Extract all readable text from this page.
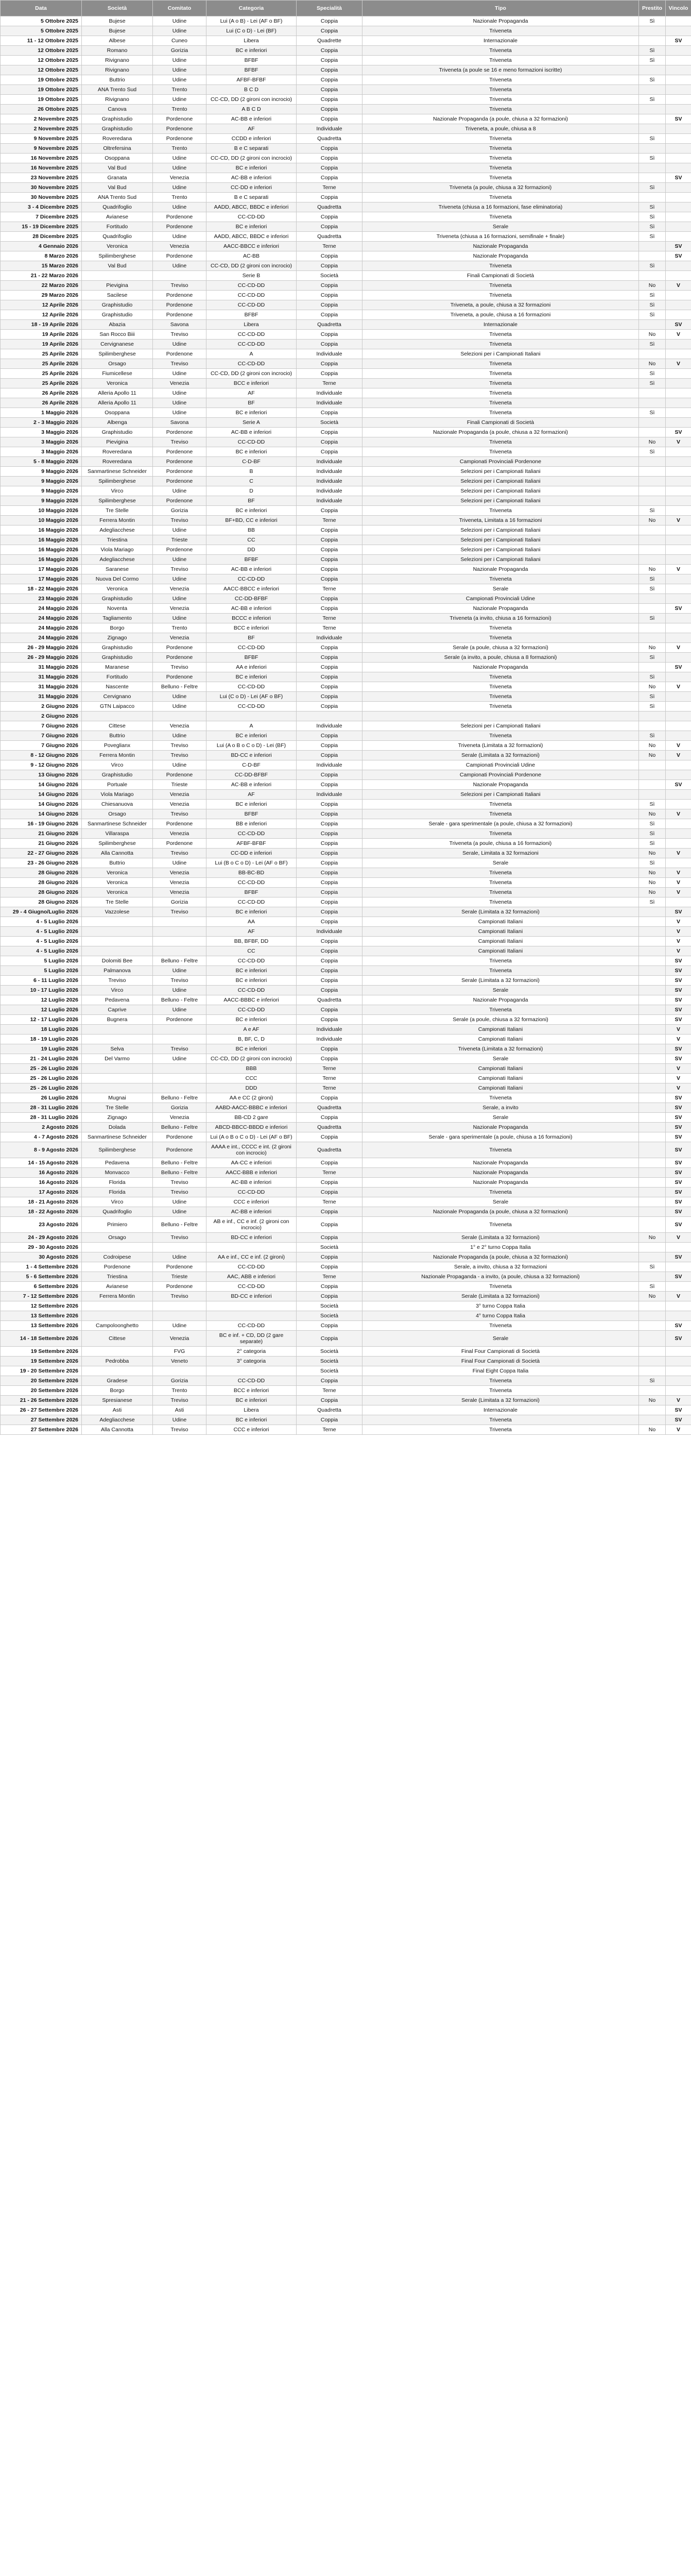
Data	Società	Comitato	Categoria	Specialità	Tipo	Prestito	Vincolo
5 Ottobre 2025	Bujese	Udine	Lui (A o B) - Lei (AF o BF)	Coppia	Nazionale Propaganda	Sì	
5 Ottobre 2025	Bujese	Udine	Lui (C o D) - Lei (BF)	Coppia	Triveneta		
11 - 12 Ottobre 2025	Albese	Cuneo	Libera	Quadrette	Internazionale		SV
12 Ottobre 2025	Romano	Gorizia	BC e inferiori	Coppia	Triveneta	Sì	
12 Ottobre 2025	Rivignano	Udine	BFBF	Coppia	Triveneta	Sì	
12 Ottobre 2025	Rivignano	Udine	BFBF	Coppia	Triveneta (a poule se 16 e meno formazioni iscritte)		
19 Ottobre 2025	Buttrio	Udine	AFBF-BFBF	Coppia	Triveneta	Sì	
19 Ottobre 2025	ANA Trento Sud	Trento	B C D	Coppia	Triveneta		
19 Ottobre 2025	Rivignano	Udine	CC-CD, DD (2 gironi con incrocio)	Coppia	Triveneta	Sì	
26 Ottobre 2025	Canova	Trento	A B C D	Coppia	Triveneta		
2 Novembre 2025	Graphistudio	Pordenone	AC-BB e inferiori	Coppia	Nazionale Propaganda (a poule, chiusa a 32 formazioni)		SV
2 Novembre 2025	Graphistudio	Pordenone	AF	Individuale	Triveneta, a poule, chiusa a 8		
9 Novembre 2025	Roveredana	Pordenone	CCDD e inferiori	Quadretta	Triveneta	Sì	
9 Novembre 2025	Oltrefersina	Trento	B e C separati	Coppia	Triveneta		
16 Novembre 2025	Osoppana	Udine	CC-CD, DD (2 gironi con incrocio)	Coppia	Triveneta	Sì	
16 Novembre 2025	Val Bud	Udine	BC e inferiori	Coppia	Triveneta		
23 Novembre 2025	Granata	Venezia	AC-BB e inferiori	Coppia	Triveneta		SV
30 Novembre 2025	Val Bud	Udine	CC-DD e inferiori	Terne	Triveneta (a poule, chiusa a 32 formazioni)	Sì	
30 Novembre 2025	ANA Trento Sud	Trento	B e C separati	Coppia	Triveneta		
3 - 4 Dicembre 2025	Quadrifoglio	Udine	AADD, ABCC, BBDC e inferiori	Quadretta	Triveneta (chiusa a 16 formazioni, fase eliminatoria)	Sì	
7 Dicembre 2025	Avianese	Pordenone	CC-CD-DD	Coppia	Triveneta	Sì	
15 - 19 Dicembre 2025	Fortitudo	Pordenone	BC e inferiori	Coppia	Serale	Sì	
28 Dicembre 2025	Quadrifoglio	Udine	AADD, ABCC, BBDC e inferiori	Quadretta	Triveneta (chiusa a 16 formazioni, semifinale + finale)	Sì	
4 Gennaio 2026	Veronica	Venezia	AACC-BBCC e inferiori	Terne	Nazionale Propaganda		SV
8 Marzo 2026	Spilimberghese	Pordenone	AC-BB	Coppia	Nazionale Propaganda		SV
15 Marzo 2026	Val Bud	Udine	CC-CD, DD (2 gironi con incrocio)	Coppia	Triveneta	Sì	
21 - 22 Marzo 2026			Serie B	Società	Finali Campionati di Società		
22 Marzo 2026	Pievigina	Treviso	CC-CD-DD	Coppia	Triveneta	No	V
29 Marzo 2026	Sacilese	Pordenone	CC-CD-DD	Coppia	Triveneta	Sì	
12 Aprile 2026	Graphistudio	Pordenone	CC-CD-DD	Coppia	Triveneta, a poule, chiusa a 32 formazioni	Sì	
12 Aprile 2026	Graphistudio	Pordenone	BFBF	Coppia	Triveneta, a poule, chiusa a 16 formazioni	Sì	
18 - 19 Aprile 2026	Abazia	Savona	Libera	Quadretta	Internazionale		SV
19 Aprile 2026	San Rocco Biii	Treviso	CC-CD-DD	Coppia	Triveneta	No	V
19 Aprile 2026	Cervignanese	Udine	CC-CD-DD	Coppia	Triveneta	Sì	
25 Aprile 2026	Spilimberghese	Pordenone	A	Individuale	Selezioni per i Campionati Italiani		
25 Aprile 2026	Orsago	Treviso	CC-CD-DD	Coppia	Triveneta	No	V
25 Aprile 2026	Fiumicellese	Udine	CC-CD, DD (2 gironi con incrocio)	Coppia	Triveneta	Sì	
25 Aprile 2026	Veronica	Venezia	BCC e inferiori	Terne	Triveneta	Sì	
26 Aprile 2026	Alleria Apollo 11	Udine	AF	Individuale	Triveneta		
26 Aprile 2026	Alleria Apollo 11	Udine	BF	Individuale	Triveneta		
1 Maggio 2026	Osoppana	Udine	BC e inferiori	Coppia	Triveneta	Sì	
2 - 3 Maggio 2026	Albenga	Savona	Serie A	Società	Finali Campionati di Società		
3 Maggio 2026	Graphistudio	Pordenone	AC-BB e inferiori	Coppia	Nazionale Propaganda (a poule, chiusa a 32 formazioni)		SV
3 Maggio 2026	Pievigina	Treviso	CC-CD-DD	Coppia	Triveneta	No	V
3 Maggio 2026	Roveredana	Pordenone	BC e inferiori	Coppia	Triveneta	Sì	
5 - 8 Maggio 2026	Roveredana	Pordenone	C-D-BF	Individuale	Campionati Provinciali Pordenone		
9 Maggio 2026	Sanmartinese Schneider	Pordenone	B	Individuale	Selezioni per i Campionati Italiani		
9 Maggio 2026	Spilimberghese	Pordenone	C	Individuale	Selezioni per i Campionati Italiani		
9 Maggio 2026	Virco	Udine	D	Individuale	Selezioni per i Campionati Italiani		
9 Maggio 2026	Spilimberghese	Pordenone	BF	Individuale	Selezioni per i Campionati Italiani		
10 Maggio 2026	Tre Stelle	Gorizia	BC e inferiori	Coppia	Triveneta	Sì	
10 Maggio 2026	Ferrera Montin	Treviso	BF+BD, CC e inferiori	Terne	Triveneta, Limitata a 16 formazioni	No	V
16 Maggio 2026	Adegliacchese	Udine	BB	Coppia	Selezioni per i Campionati Italiani		
16 Maggio 2026	Triestina	Trieste	CC	Coppia	Selezioni per i Campionati Italiani		
16 Maggio 2026	Viola Mariago	Pordenone	DD	Coppia	Selezioni per i Campionati Italiani		
16 Maggio 2026	Adegliacchese	Udine	BFBF	Coppia	Selezioni per i Campionati Italiani		
17 Maggio 2026	Saranese	Treviso	AC-BB e inferiori	Coppia	Nazionale Propaganda	No	V
17 Maggio 2026	Nuova Del Cormo	Udine	CC-CD-DD	Coppia	Triveneta	Sì	
18 - 22 Maggio 2026	Veronica	Venezia	AACC-BBCC e inferiori	Terne	Serale	Sì	
23 Maggio 2026	Graphistudio	Udine	CC-DD-BFBF	Coppia	Campionati Provinciali Udine		
24 Maggio 2026	Noventa	Venezia	AC-BB e inferiori	Coppia	Nazionale Propaganda		SV
24 Maggio 2026	Tagliamento	Udine	BCCC e inferiori	Terne	Triveneta (a invito, chiusa a 16 formazioni)	Sì	
24 Maggio 2026	Borgo	Trento	BCC e inferiori	Terne	Triveneta		
24 Maggio 2026	Zignago	Venezia	BF	Individuale	Triveneta		
26 - 29 Maggio 2026	Graphistudio	Pordenone	CC-CD-DD	Coppia	Serale (a poule, chiusa a 32 formazioni)	No	V
26 - 29 Maggio 2026	Graphistudio	Pordenone	BFBF	Coppia	Serale (a invito, a poule, chiusa a 8 formazioni)	Sì	
31 Maggio 2026	Maranese	Treviso	AA e inferiori	Coppia	Nazionale Propaganda		SV
31 Maggio 2026	Fortitudo	Pordenone	BC e inferiori	Coppia	Triveneta	Sì	
31 Maggio 2026	Nascente	Belluno - Feltre	CC-CD-DD	Coppia	Triveneta	No	V
31 Maggio 2026	Cervignano	Udine	Lui (C o D) - Lei (AF o BF)	Coppia	Triveneta	Sì	
2 Giugno 2026	GTN Laipacco	Udine	CC-CD-DD	Coppia	Triveneta	Sì	
2 Giugno 2026							
7 Giugno 2026	Cittese	Venezia	A	Individuale	Selezioni per i Campionati Italiani		
7 Giugno 2026	Buttrio	Udine	BC e inferiori	Coppia	Triveneta	Sì	
7 Giugno 2026	Poveglianx	Treviso	Lui (A o B o C o D) - Lei (BF)	Coppia	Triveneta (Limitata a 32 formazioni)	No	V
8 - 12 Giugno 2026	Ferrera Montin	Treviso	BD-CC e inferiori	Coppia	Serale (Limitata a 32 formazioni)	No	V
9 - 12 Giugno 2026	Virco	Udine	C-D-BF	Individuale	Campionati Provinciali Udine		
13 Giugno 2026	Graphistudio	Pordenone	CC-DD-BFBF	Coppia	Campionati Provinciali Pordenone		
14 Giugno 2026	Portuale	Trieste	AC-BB e inferiori	Coppia	Nazionale Propaganda		SV
14 Giugno 2026	Viola Mariago	Venezia	AF	Individuale	Selezioni per i Campionati Italiani		
14 Giugno 2026	Chiesanuova	Venezia	BC e inferiori	Coppia	Triveneta	Sì	
14 Giugno 2026	Orsago	Treviso	BFBF	Coppia	Triveneta	No	V
16 - 19 Giugno 2026	Sanmartinese Schneider	Pordenone	BB e inferiori	Coppia	Serale - gara sperimentale (a poule, chiusa a 32 formazioni)	Sì	
21 Giugno 2026	Villaraspa	Venezia	CC-CD-DD	Coppia	Triveneta	Sì	
21 Giugno 2026	Spilimberghese	Pordenone	AFBF-BFBF	Coppia	Triveneta (a poule, chiusa a 16 formazioni)	Sì	
22 - 27 Giugno 2026	Alla Cannotta	Treviso	CC-DD e inferiori	Coppia	Serale, Limitata a 32 formazioni	No	V
23 - 26 Giugno 2026	Buttrio	Udine	Lui (B o C o D) - Lei (AF o BF)	Coppia	Serale	Sì	
28 Giugno 2026	Veronica	Venezia	BB-BC-BD	Coppia	Triveneta	No	V
28 Giugno 2026	Veronica	Venezia	CC-CD-DD	Coppia	Triveneta	No	V
28 Giugno 2026	Veronica	Venezia	BFBF	Coppia	Triveneta	No	V
28 Giugno 2026	Tre Stelle	Gorizia	CC-CD-DD	Coppia	Triveneta	Sì	
29 - 4 Giugno/Luglio 2026	Vazzolese	Treviso	BC e inferiori	Coppia	Serale (Limitata a 32 formazioni)		SV
4 - 5 Luglio 2026			AA	Coppia	Campionati Italiani		V
4 - 5 Luglio 2026			AF	Individuale	Campionati Italiani		V
4 - 5 Luglio 2026			BB, BFBF, DD	Coppia	Campionati Italiani		V
4 - 5 Luglio 2026			CC	Coppia	Campionati Italiani		V
5 Luglio 2026	Dolomiti Bee	Belluno - Feltre	CC-CD-DD	Coppia	Triveneta		SV
5 Luglio 2026	Palmanova	Udine	BC e inferiori	Coppia	Triveneta		SV
6 - 11 Luglio 2026	Treviso	Treviso	BC e inferiori	Coppia	Serale (Limitata a 32 formazioni)		SV
10 - 17 Luglio 2026	Virco	Udine	CC-CD-DD	Coppia	Serale		SV
12 Luglio 2026	Pedavena	Belluno - Feltre	AACC-BBBC e inferiori	Quadretta	Nazionale Propaganda		SV
12 Luglio 2026	Caprive	Udine	CC-CD-DD	Coppia	Triveneta		SV
12 - 17 Luglio 2026	Bugnera	Pordenone	BC e inferiori	Coppia	Serale (a poule, chiusa a 32 formazioni)		SV
18 Luglio 2026			A e AF	Individuale	Campionati Italiani		V
18 - 19 Luglio 2026			B, BF, C, D	Individuale	Campionati Italiani		V
19 Luglio 2026	Selva	Treviso	BC e inferiori	Coppia	Triveneta (Limitata a 32 formazioni)		SV
21 - 24 Luglio 2026	Del Varmo	Udine	CC-CD, DD (2 gironi con incrocio)	Coppia	Serale		SV
25 - 26 Luglio 2026			BBB	Terne	Campionati Italiani		V
25 - 26 Luglio 2026			CCC	Terne	Campionati Italiani		V
25 - 26 Luglio 2026			DDD	Terne	Campionati Italiani		V
26 Luglio 2026	Mugnai	Belluno - Feltre	AA e CC (2 gironi)	Coppia	Triveneta		SV
28 - 31 Luglio 2026	Tre Stelle	Gorizia	AABD-AACC-BBBC e inferiori	Quadretta	Serale, a invito		SV
28 - 31 Luglio 2026	Zignago	Venezia	BB-CD 2 gare	Coppia	Serale		SV
2 Agosto 2026	Dolada	Belluno - Feltre	ABCD-BBCC-BBDD e inferiori	Quadretta	Nazionale Propaganda		SV
4 - 7 Agosto 2026	Sanmartinese Schneider	Pordenone	Lui (A o B o C o D) - Lei (AF o BF)	Coppia	Serale - gara sperimentale (a poule, chiusa a 16 formazioni)		SV
8 - 9 Agosto 2026	Spilimberghese	Pordenone	AAAA e int., CCCC e int. (2 gironi con incrocio)	Quadretta	Triveneta		SV
14 - 15 Agosto 2026	Pedavena	Belluno - Feltre	AA-CC e inferiori	Coppia	Nazionale Propaganda		SV
16 Agosto 2026	Monvacco	Belluno - Feltre	AACC-BBB e inferiori	Terne	Nazionale Propaganda		SV
16 Agosto 2026	Florida	Treviso	AC-BB e inferiori	Coppia	Nazionale Propaganda		SV
17 Agosto 2026	Florida	Treviso	CC-CD-DD	Coppia	Triveneta		SV
18 - 21 Agosto 2026	Virco	Udine	CCC e inferiori	Terne	Serale		SV
18 - 22 Agosto 2026	Quadrifoglio	Udine	AC-BB e inferiori	Coppia	Nazionale Propaganda (a poule, chiusa a 32 formazioni)		SV
23 Agosto 2026	Primiero	Belluno - Feltre	AB e inf., CC e inf. (2 gironi con incrocio)	Coppia	Triveneta		SV
24 - 29 Agosto 2026	Orsago	Treviso	BD-CC e inferiori	Coppia	Serale (Limitata a 32 formazioni)	No	V
29 - 30 Agosto 2026				Società	1° e 2° turno Coppa Italia		
30 Agosto 2026	Codroipese	Udine	AA e inf., CC e inf. (2 gironi)	Coppia	Nazionale Propaganda (a poule, chiusa a 32 formazioni)		SV
1 - 4 Settembre 2026	Pordenone	Pordenone	CC-CD-DD	Coppia	Serale, a invito, chiusa a 32 formazioni	Sì	
5 - 6 Settembre 2026	Triestina	Trieste	AAC, ABB e inferiori	Terne	Nazionale Propaganda - a invito, (a poule, chiusa a 32 formazioni)		SV
6 Settembre 2026	Avianese	Pordenone	CC-CD-DD	Coppia	Triveneta	Sì	
7 - 12 Settembre 2026	Ferrera Montin	Treviso	BD-CC e inferiori	Coppia	Serale (Limitata a 32 formazioni)	No	V
12 Settembre 2026				Società	3° turno Coppa Italia		
13 Settembre 2026				Società	4° turno Coppa Italia		
13 Settembre 2026	Campoloonghetto	Udine	CC-CD-DD	Coppia	Triveneta		SV
14 - 18 Settembre 2026	Cittese	Venezia	BC e inf. + CD, DD (2 gare separate)	Coppia	Serale		SV
19 Settembre 2026		FVG	2° categoria	Società	Final Four Campionati di Società		
19 Settembre 2026	Pedrobba	Veneto	3° categoria	Società	Final Four Campionati di Società		
19 - 20 Settembre 2026				Società	Final Eight Coppa Italia		
20 Settembre 2026	Gradese	Gorizia	CC-CD-DD	Coppia	Triveneta	Sì	
20 Settembre 2026	Borgo	Trento	BCC e inferiori	Terne	Triveneta		
21 - 26 Settembre 2026	Spresianese	Treviso	BC e inferiori	Coppia	Serale (Limitata a 32 formazioni)	No	V
26 - 27 Settembre 2026	Asti	Asti	Libera	Quadretta	Internazionale		SV
27 Settembre 2026	Adegliacchese	Udine	BC e inferiori	Coppia	Triveneta		SV
27 Settembre 2026	Alla Cannotta	Treviso	CCC e inferiori	Terne	Triveneta	No	V
